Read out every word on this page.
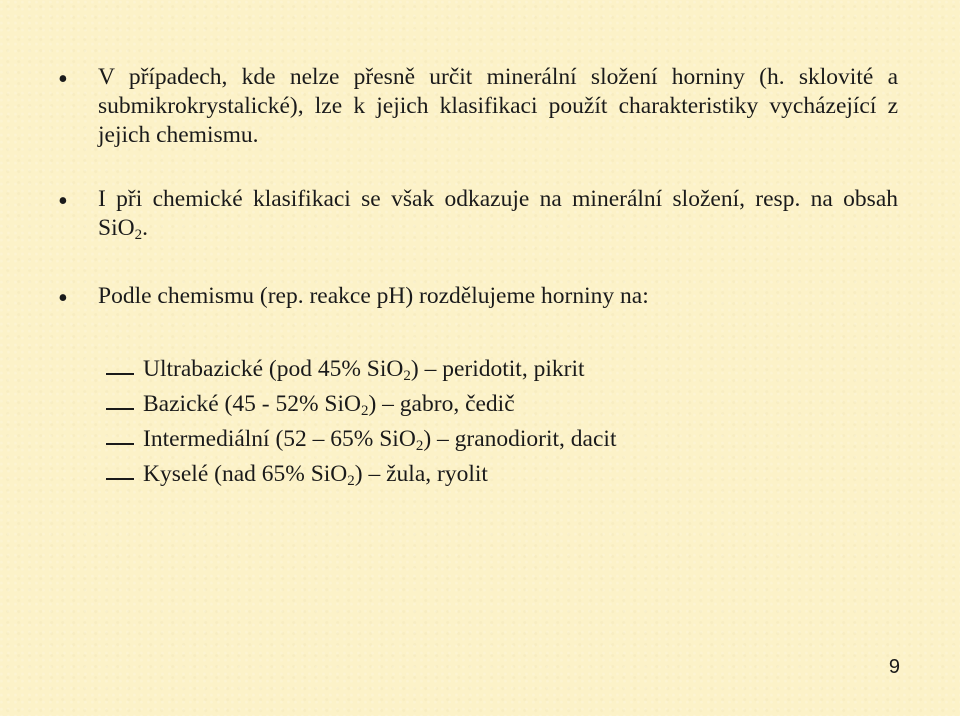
• V případech, kde nelze přesně určit minerální složení horniny (h. sklovité a submikrokrystalické), lze k jejich klasifikaci použít charakteristiky vycházející z jejich chemismu.
• I při chemické klasifikaci se však odkazuje na minerální složení, resp. na obsah SiO$_2$.
• Podle chemismu (rep. reakce pH) rozdělujeme horniny na:
Ultrabazické (pod 45% SiO$_2$) – peridotit, pikrit
Bazické (45 - 52% SiO$_2$) – gabro, čedič
Intermediální (52 – 65% SiO$_2$) – granodiorit, dacit
Kyselé (nad 65% SiO$_2$) – žula, ryolit
9
